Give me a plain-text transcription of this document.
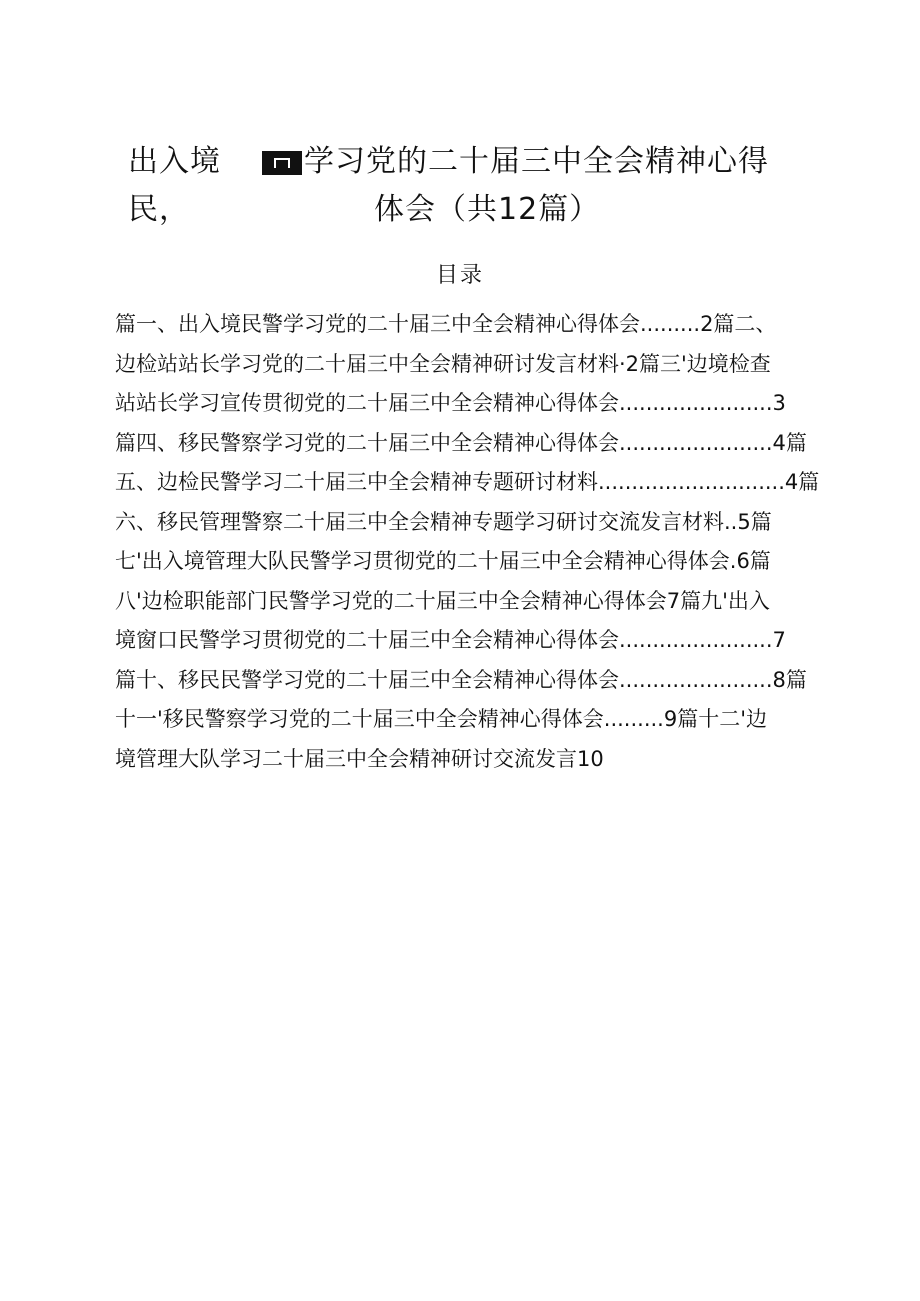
出入境
民，
学习党的二十届三中全会精神心得
体会（共12篇）
目录
篇一、出入境民警学习党的二十届三中全会精神心得体会.........2篇二、
边检站站长学习党的二十届三中全会精神研讨发言材料·2篇三'边境检查
站站长学习宣传贯彻党的二十届三中全会精神心得体会.......................3
篇四、移民警察学习党的二十届三中全会精神心得体会.......................4篇
五、边检民警学习二十届三中全会精神专题研讨材料............................4篇
六、移民管理警察二十届三中全会精神专题学习研讨交流发言材料..5篇
七'出入境管理大队民警学习贯彻党的二十届三中全会精神心得体会.6篇
八'边检职能部门民警学习党的二十届三中全会精神心得体会7篇九'出入
境窗口民警学习贯彻党的二十届三中全会精神心得体会.......................7
篇十、移民民警学习党的二十届三中全会精神心得体会.......................8篇
十一'移民警察学习党的二十届三中全会精神心得体会.........9篇十二'边
境管理大队学习二十届三中全会精神研讨交流发言10
